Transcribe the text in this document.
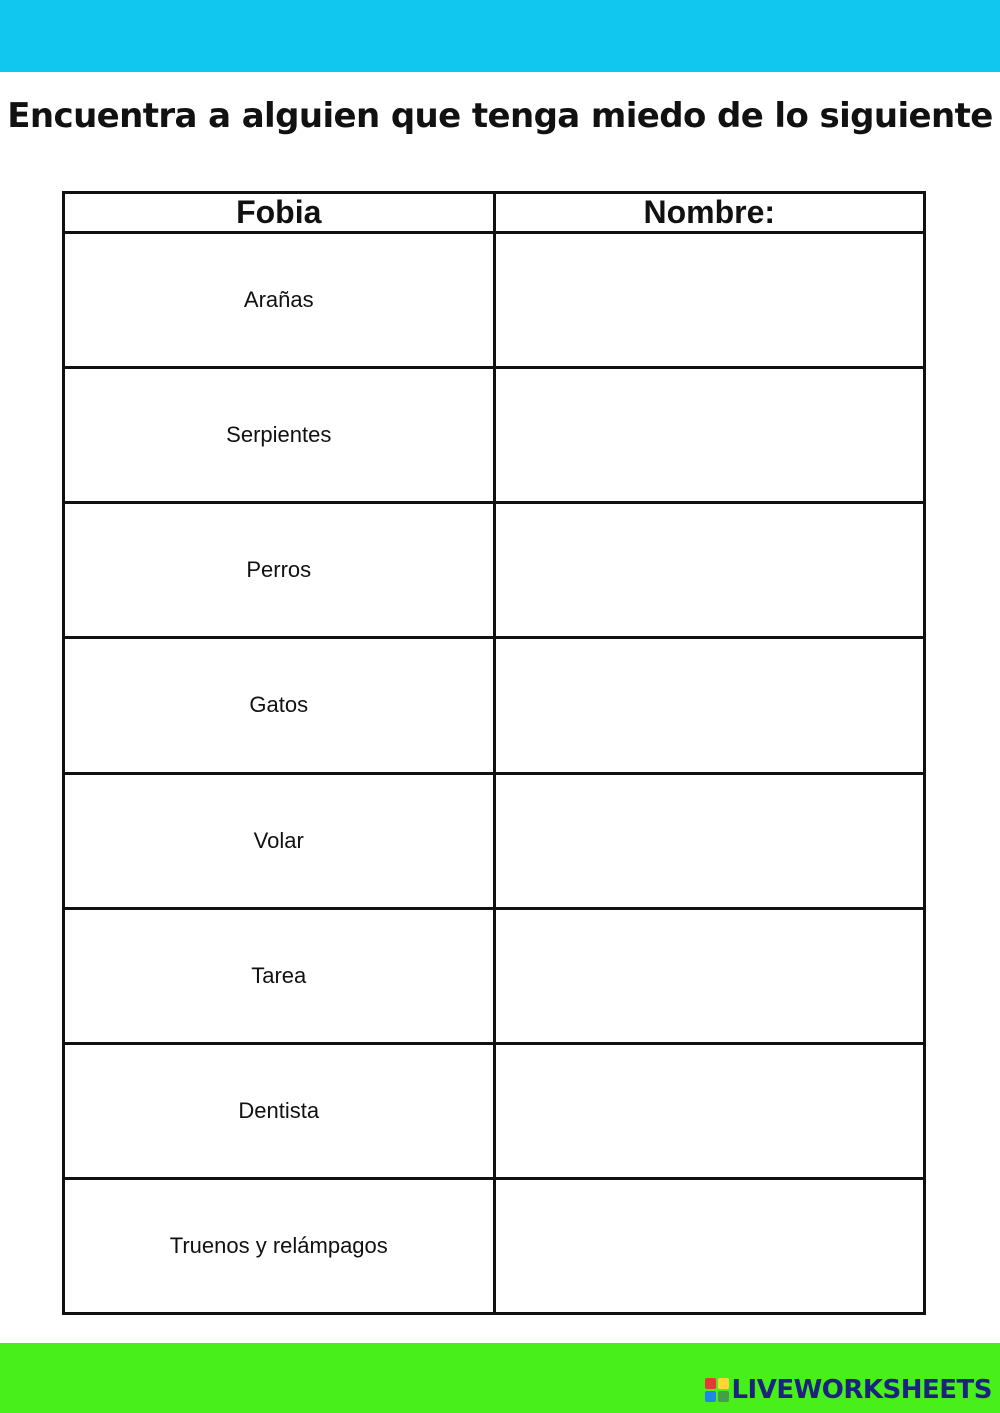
Encuentra a alguien que tenga miedo de lo siguiente
Fobia	Nombre:
Arañas	
Serpientes	
Perros	
Gatos	
Volar	
Tarea	
Dentista	
Truenos y relámpagos	
LIVEWORKSHEETS
